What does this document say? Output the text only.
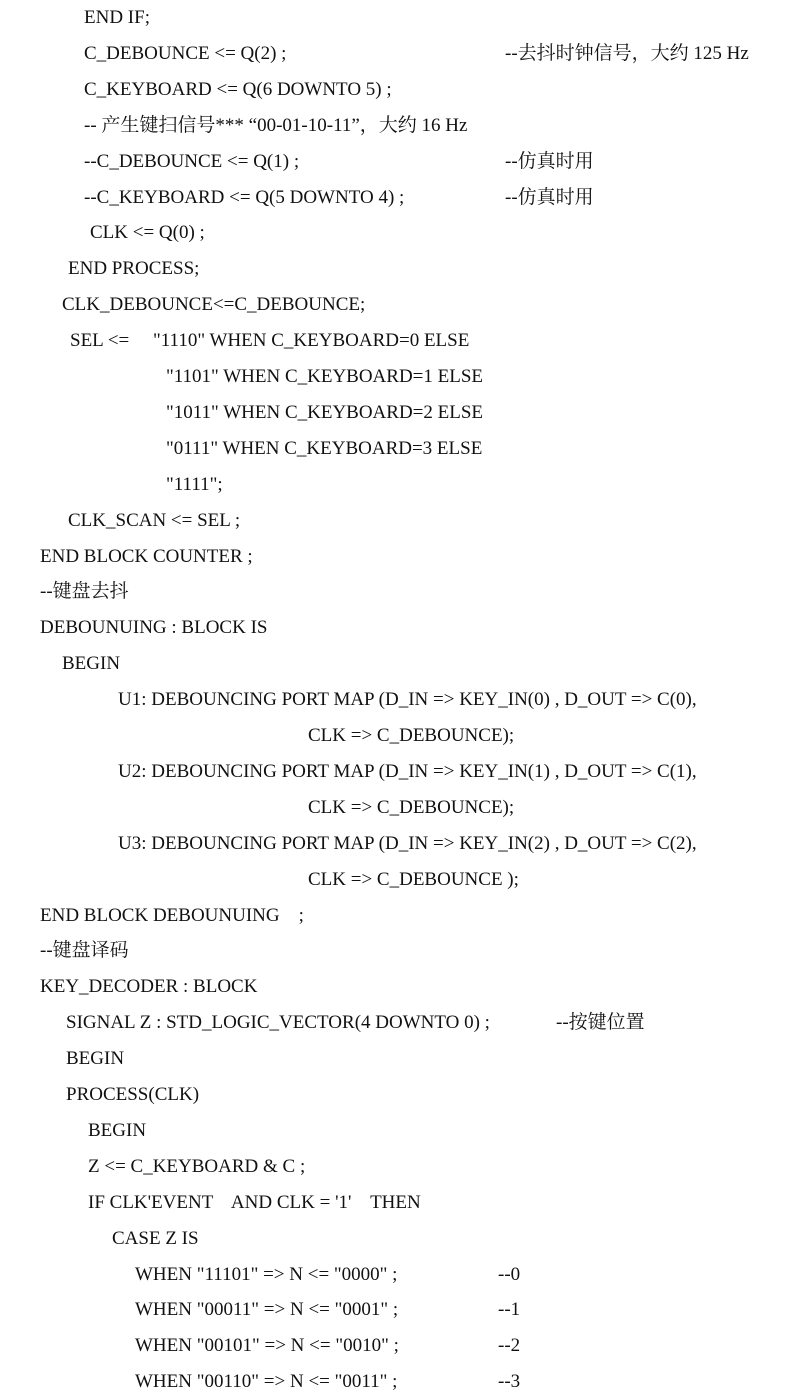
END IF;
C_DEBOUNCE <= Q(2) ;	--去抖时钟信号，大约 125 Hz
C_KEYBOARD <= Q(6 DOWNTO 5) ;
-- 产生键扫信号*** “00-01-10-11”，大约 16 Hz
--C_DEBOUNCE <= Q(1) ;	--仿真时用
--C_KEYBOARD <= Q(5 DOWNTO 4) ;	--仿真时用
CLK <= Q(0) ;
END PROCESS;
CLK_DEBOUNCE<=C_DEBOUNCE;
SEL <=     "1110" WHEN C_KEYBOARD=0 ELSE
"1101" WHEN C_KEYBOARD=1 ELSE
"1011" WHEN C_KEYBOARD=2 ELSE
"0111" WHEN C_KEYBOARD=3 ELSE
"1111";
CLK_SCAN <= SEL ;
END BLOCK COUNTER ;
--键盘去抖
DEBOUNUING : BLOCK IS
BEGIN
U1: DEBOUNCING PORT MAP (D_IN => KEY_IN(0) , D_OUT => C(0),
CLK => C_DEBOUNCE);
U2: DEBOUNCING PORT MAP (D_IN => KEY_IN(1) , D_OUT => C(1),
CLK => C_DEBOUNCE);
U3: DEBOUNCING PORT MAP (D_IN => KEY_IN(2) , D_OUT => C(2),
CLK => C_DEBOUNCE );
END BLOCK DEBOUNUING    ;
--键盘译码
KEY_DECODER : BLOCK
SIGNAL Z : STD_LOGIC_VECTOR(4 DOWNTO 0) ;	--按键位置
BEGIN
PROCESS(CLK)
BEGIN
Z <= C_KEYBOARD & C ;
IF CLK'EVENT    AND CLK = '1'    THEN
CASE Z IS
WHEN "11101" => N <= "0000" ;	--0
WHEN "00011" => N <= "0001" ;	--1
WHEN "00101" => N <= "0010" ;	--2
WHEN "00110" => N <= "0011" ;	--3
